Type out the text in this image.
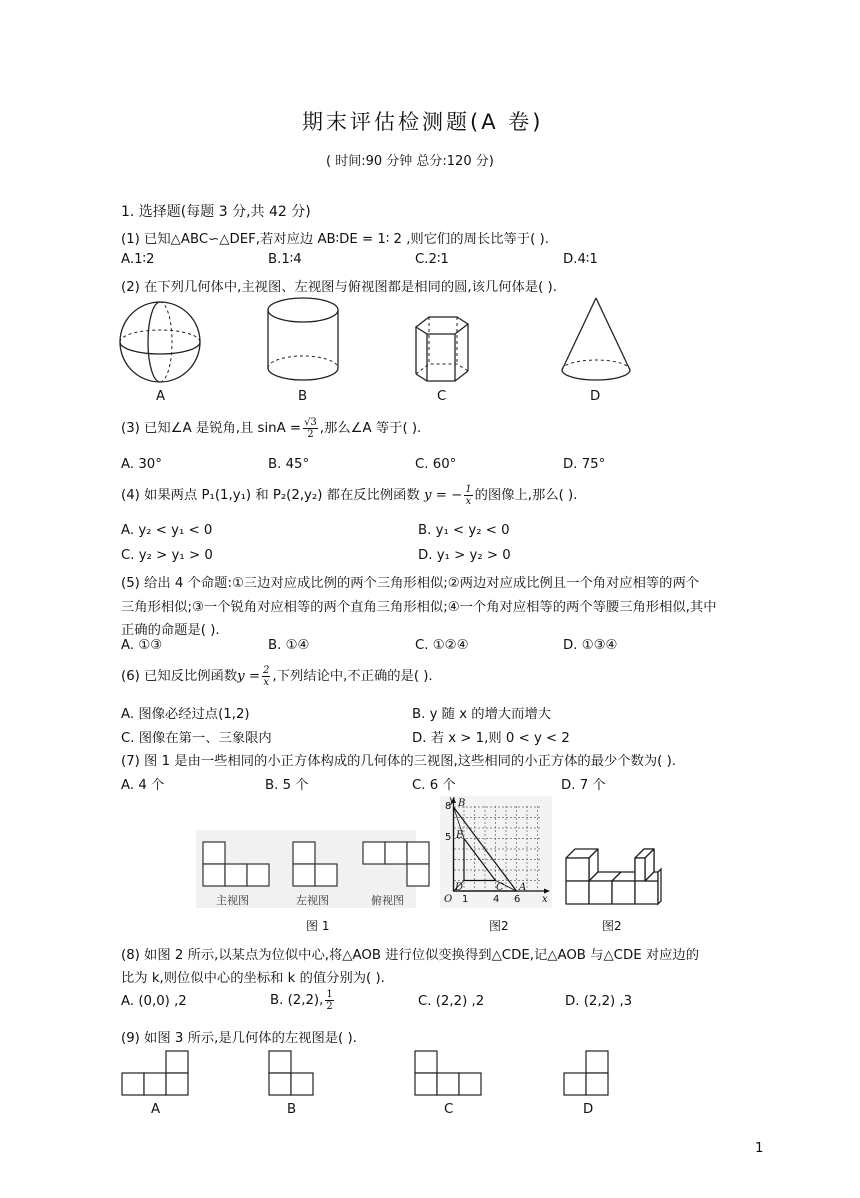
期末评估检测题(A 卷)
( 时间:90 分钟 总分:120 分)
1. 选择题(每题 3 分,共 42 分)
(1) 已知△ABC∽△DEF,若对应边 AB∶DE = 1∶ 2 ,则它们的周长比等于( ).
A.1∶2	B.1∶4	C.2∶1	D.4∶1
(2) 在下列几何体中,主视图、左视图与俯视图都是相同的圆,该几何体是( ).
A	B	C	D
(3) 已知∠A 是锐角,且 $\sin A = \frac{√3}{2}$ ,那么∠A 等于( ).
A. 30°	B. 45°	C. 60°	D. 75°
(4) 如果两点 P₁(1,y₁) 和 P₂(2,y₂) 都在反比例函数 y = − $\frac{1}{x}$ 的图像上,那么( ).
A. y₂ < y₁ < 0	B. y₁ < y₂ < 0
C. y₂ > y₁ > 0	D. y₁ > y₂ > 0
(5) 给出 4 个命题:①三边对应成比例的两个三角形相似;②两边对应成比例且一个角对应相等的两个
三角形相似;③一个锐角对应相等的两个直角三角形相似;④一个角对应相等的两个等腰三角形相似,其中
正确的命题是( ).
A. ①③	B. ①④	C. ①②④	D. ①③④
(6) 已知反比例函数$y = \frac{2}{x}$ ,下列结论中,不正确的是( ).
A. 图像必经过点(1,2)	B. y 随 x 的增大而增大
C. 图像在第一、三象限内	D. 若 x > 1,则 0 < y < 2
(7) 图 1 是由一些相同的小正方体构成的几何体的三视图,这些相同的小正方体的最少个数为( ).
A. 4 个	B. 5 个	C. 6 个	D. 7 个
主视图	左视图	俯视图
y B
8
5 E
D	C A
O 1 4 6 x
图 1	图2	图2
(8) 如图 2 所示,以某点为位似中心,将△AOB 进行位似变换得到△CDE,记△AOB 与△CDE 对应边的
比为 k,则位似中心的坐标和 k 的值分别为( ).
A. (0,0) ,2	B. (2,2), $\frac{1}{2}$	C. (2,2) ,2	D. (2,2) ,3
(9) 如图 3 所示,是几何体的左视图是( ).
A	B	C	D
1
